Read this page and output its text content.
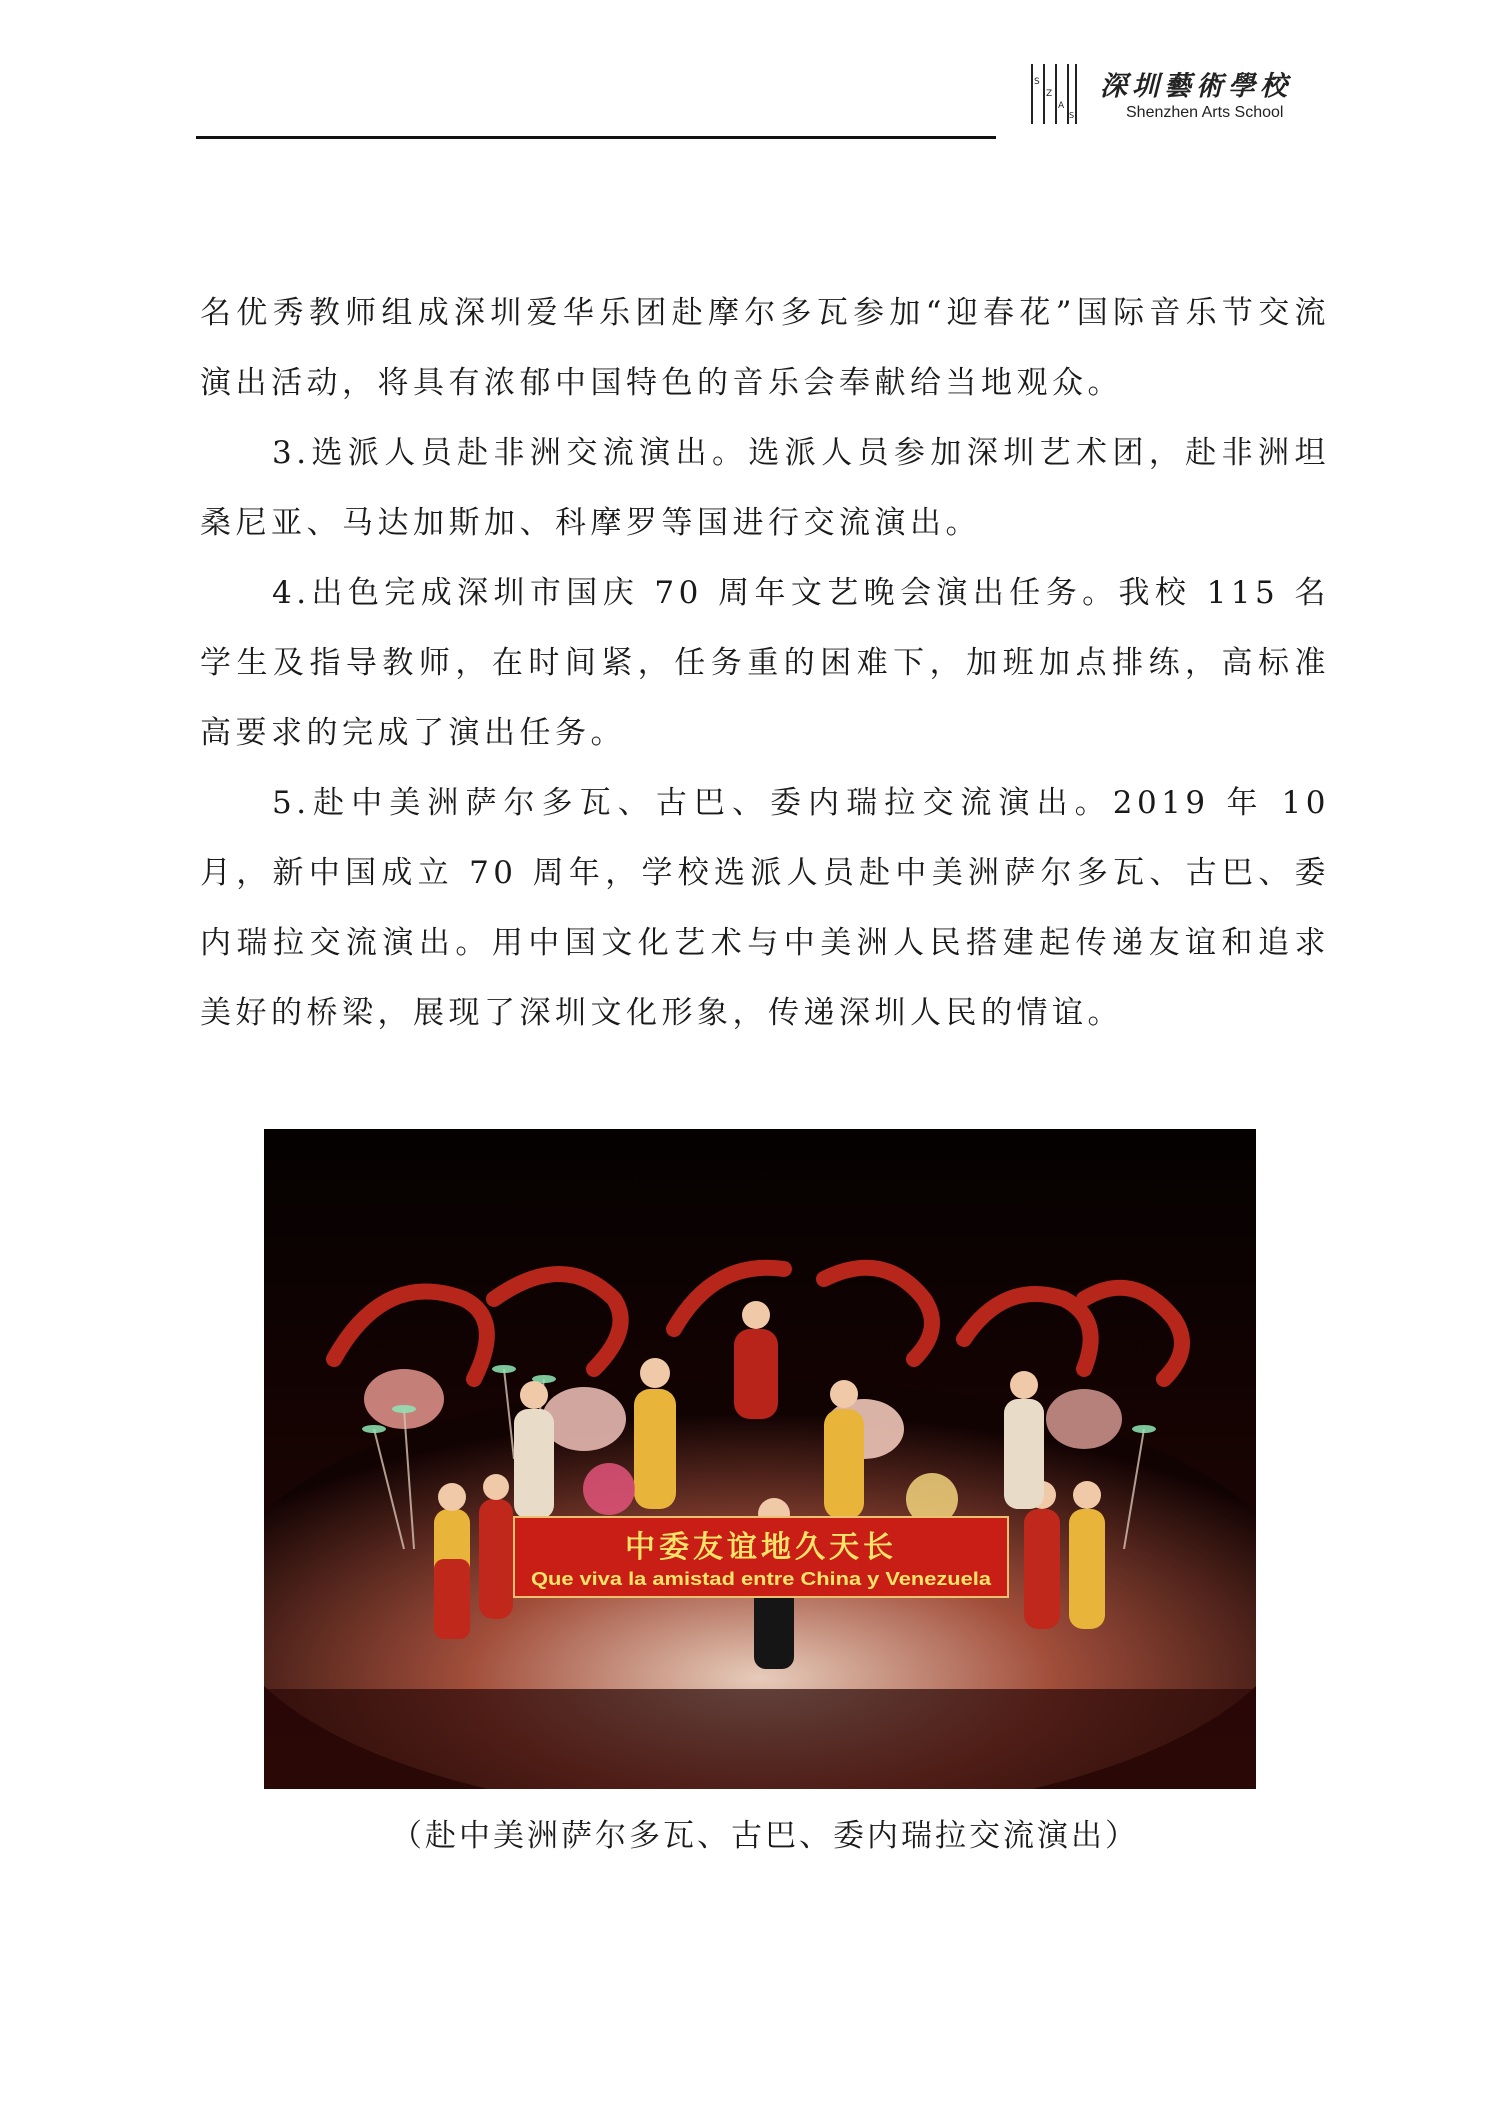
S
Z
A
S
深圳藝術學校
Shenzhen Arts School

名优秀教师组成深圳爱华乐团赴摩尔多瓦参加“迎春花”国际音乐节交流演出活动，将具有浓郁中国特色的音乐会奉献给当地观众。

3.选派人员赴非洲交流演出。选派人员参加深圳艺术团，赴非洲坦桑尼亚、马达加斯加、科摩罗等国进行交流演出。

4.出色完成深圳市国庆 70 周年文艺晚会演出任务。我校 115 名学生及指导教师，在时间紧，任务重的困难下，加班加点排练，高标准高要求的完成了演出任务。

5.赴中美洲萨尔多瓦、古巴、委内瑞拉交流演出。2019 年 10 月，新中国成立 70 周年，学校选派人员赴中美洲萨尔多瓦、古巴、委内瑞拉交流演出。用中国文化艺术与中美洲人民搭建起传递友谊和追求美好的桥梁，展现了深圳文化形象，传递深圳人民的情谊。

中委友谊地久天长
Que viva la amistad entre China y Venezuela
（赴中美洲萨尔多瓦、古巴、委内瑞拉交流演出）
